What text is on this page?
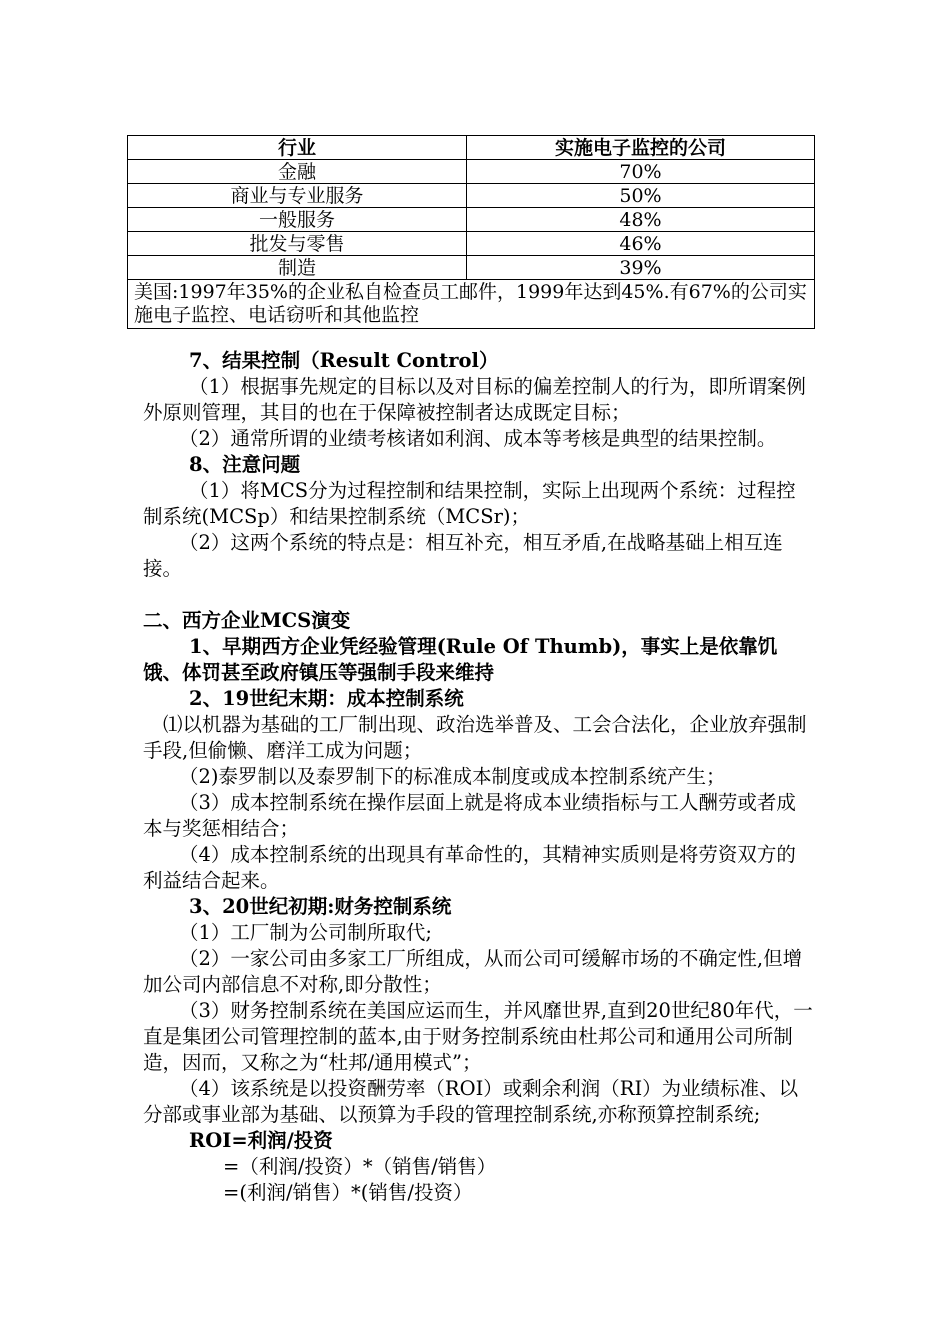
行业	实施电子监控的公司
金融	70%
商业与专业服务	50%
一般服务	48%
批发与零售	46%
制造	39%
美国:1997年35%的企业私自检查员工邮件，1999年达到45%.有67%的公司实施电子监控、电话窃听和其他监控	

7、结果控制（Result Control）

（1）根据事先规定的目标以及对目标的偏差控制人的行为，即所谓案例外原则管理，其目的也在于保障被控制者达成既定目标；

（2）通常所谓的业绩考核诸如利润、成本等考核是典型的结果控制。

8、注意问题

（1）将MCS分为过程控制和结果控制，实际上出现两个系统：过程控制系统(MCSp）和结果控制系统（MCSr)；

（2）这两个系统的特点是：相互补充，相互矛盾,在战略基础上相互连接。

二、西方企业MCS演变

1、早期西方企业凭经验管理(Rule Of Thumb)，事实上是依靠饥饿、体罚甚至政府镇压等强制手段来维持

2、19世纪末期：成本控制系统

⑴以机器为基础的工厂制出现、政治选举普及、工会合法化，企业放弃强制手段,但偷懒、磨洋工成为问题；

（2)泰罗制以及泰罗制下的标准成本制度或成本控制系统产生；

（3）成本控制系统在操作层面上就是将成本业绩指标与工人酬劳或者成本与奖惩相结合；

（4）成本控制系统的出现具有革命性的，其精神实质则是将劳资双方的利益结合起来。

3、20世纪初期:财务控制系统

（1）工厂制为公司制所取代;

（2）一家公司由多家工厂所组成，从而公司可缓解市场的不确定性,但增加公司内部信息不对称,即分散性；

（3）财务控制系统在美国应运而生，并风靡世界,直到20世纪80年代，一直是集团公司管理控制的蓝本,由于财务控制系统由杜邦公司和通用公司所制造，因而，又称之为“杜邦/通用模式”；

（4）该系统是以投资酬劳率（ROI）或剩余利润（RI）为业绩标准、以分部或事业部为基础、以预算为手段的管理控制系统,亦称预算控制系统;

ROI=利润/投资

=（利润/投资）*（销售/销售）

=(利润/销售）*(销售/投资）
